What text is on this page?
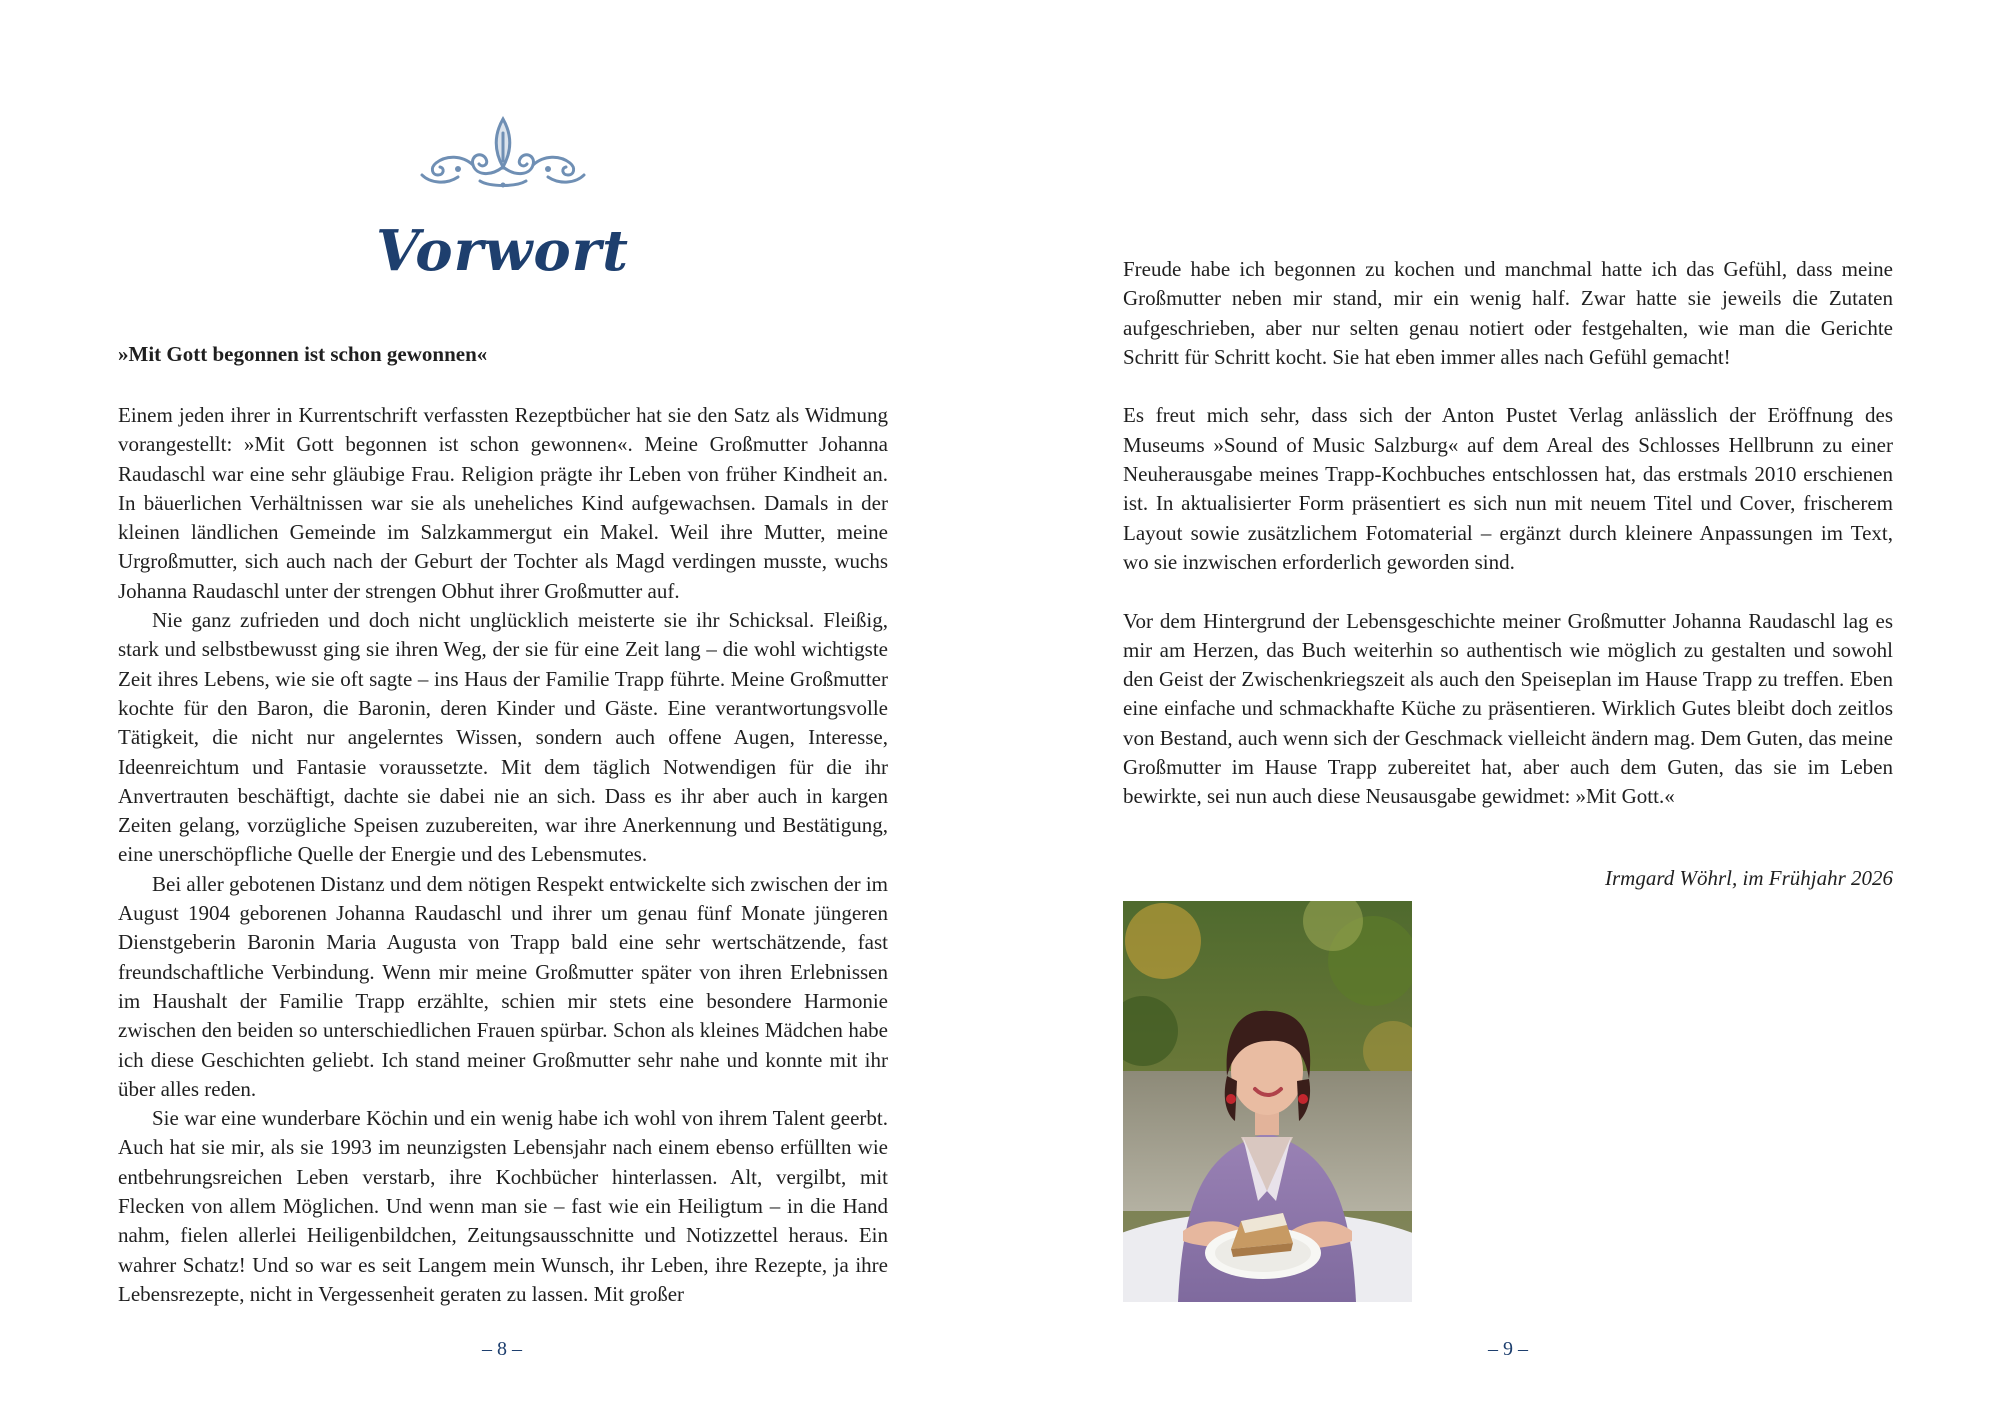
Vorwort
»Mit Gott begonnen ist schon gewonnen«

Einem jeden ihrer in Kurrentschrift verfassten Rezeptbücher hat sie den Satz als Widmung vorangestellt: »Mit Gott begonnen ist schon gewonnen«. Meine Großmutter Johanna Raudaschl war eine sehr gläubige Frau. Religion prägte ihr Leben von früher Kindheit an. In bäuerlichen Verhältnissen war sie als uneheliches Kind aufgewachsen. Damals in der kleinen ländlichen Gemeinde im Salzkammergut ein Makel. Weil ihre Mutter, meine Urgroßmutter, sich auch nach der Geburt der Tochter als Magd verdingen musste, wuchs Johanna Raudaschl unter der strengen Obhut ihrer Großmutter auf.

Nie ganz zufrieden und doch nicht unglücklich meisterte sie ihr Schicksal. Fleißig, stark und selbstbewusst ging sie ihren Weg, der sie für eine Zeit lang – die wohl wichtigste Zeit ihres Lebens, wie sie oft sagte – ins Haus der Familie Trapp führte. Meine Großmutter kochte für den Baron, die Baronin, deren Kinder und Gäste. Eine verantwortungsvolle Tätigkeit, die nicht nur angelerntes Wissen, sondern auch offene Augen, Interesse, Ideenreichtum und Fantasie voraussetzte. Mit dem täglich Notwendigen für die ihr Anvertrauten beschäftigt, dachte sie dabei nie an sich. Dass es ihr aber auch in kargen Zeiten gelang, vorzügliche Speisen zuzubereiten, war ihre Anerkennung und Bestätigung, eine unerschöpfliche Quelle der Energie und des Lebensmutes.

Bei aller gebotenen Distanz und dem nötigen Respekt entwickelte sich zwischen der im August 1904 geborenen Johanna Raudaschl und ihrer um genau fünf Monate jüngeren Dienstgeberin Baronin Maria Augusta von Trapp bald eine sehr wertschätzende, fast freundschaftliche Verbindung. Wenn mir meine Großmutter später von ihren Erlebnissen im Haushalt der Familie Trapp erzählte, schien mir stets eine besondere Harmonie zwischen den beiden so unterschiedlichen Frauen spürbar. Schon als kleines Mädchen habe ich diese Geschichten geliebt. Ich stand meiner Großmutter sehr nahe und konnte mit ihr über alles reden.

Sie war eine wunderbare Köchin und ein wenig habe ich wohl von ihrem Talent geerbt. Auch hat sie mir, als sie 1993 im neunzigsten Lebensjahr nach einem ebenso erfüllten wie entbehrungsreichen Leben verstarb, ihre Kochbücher hinterlassen. Alt, vergilbt, mit Flecken von allem Möglichen. Und wenn man sie – fast wie ein Heiligtum – in die Hand nahm, fielen allerlei Heiligenbildchen, Zeitungsausschnitte und Notizzettel heraus. Ein wahrer Schatz! Und so war es seit Langem mein Wunsch, ihr Leben, ihre Rezepte, ja ihre Lebensrezepte, nicht in Vergessenheit geraten zu lassen. Mit großer

– 8 –	– 9 –

Freude habe ich begonnen zu kochen und manchmal hatte ich das Gefühl, dass meine Großmutter neben mir stand, mir ein wenig half. Zwar hatte sie jeweils die Zutaten aufgeschrieben, aber nur selten genau notiert oder festgehalten, wie man die Gerichte Schritt für Schritt kocht. Sie hat eben immer alles nach Gefühl gemacht!

Es freut mich sehr, dass sich der Anton Pustet Verlag anlässlich der Eröffnung des Museums »Sound of Music Salzburg« auf dem Areal des Schlosses Hellbrunn zu einer Neuherausgabe meines Trapp-Kochbuches entschlossen hat, das erstmals 2010 erschienen ist. In aktualisierter Form präsentiert es sich nun mit neuem Titel und Cover, frischerem Layout sowie zusätzlichem Fotomaterial – ergänzt durch kleinere Anpassungen im Text, wo sie inzwischen erforderlich geworden sind.

Vor dem Hintergrund der Lebensgeschichte meiner Großmutter Johanna Raudaschl lag es mir am Herzen, das Buch weiterhin so authentisch wie möglich zu gestalten und sowohl den Geist der Zwischenkriegszeit als auch den Speiseplan im Hause Trapp zu treffen. Eben eine einfache und schmackhafte Küche zu präsentieren. Wirklich Gutes bleibt doch zeitlos von Bestand, auch wenn sich der Geschmack vielleicht ändern mag. Dem Guten, das meine Großmutter im Hause Trapp zubereitet hat, aber auch dem Guten, das sie im Leben bewirkte, sei nun auch diese Neusausgabe gewidmet: »Mit Gott.«

Irmgard Wöhrl, im Frühjahr 2026
